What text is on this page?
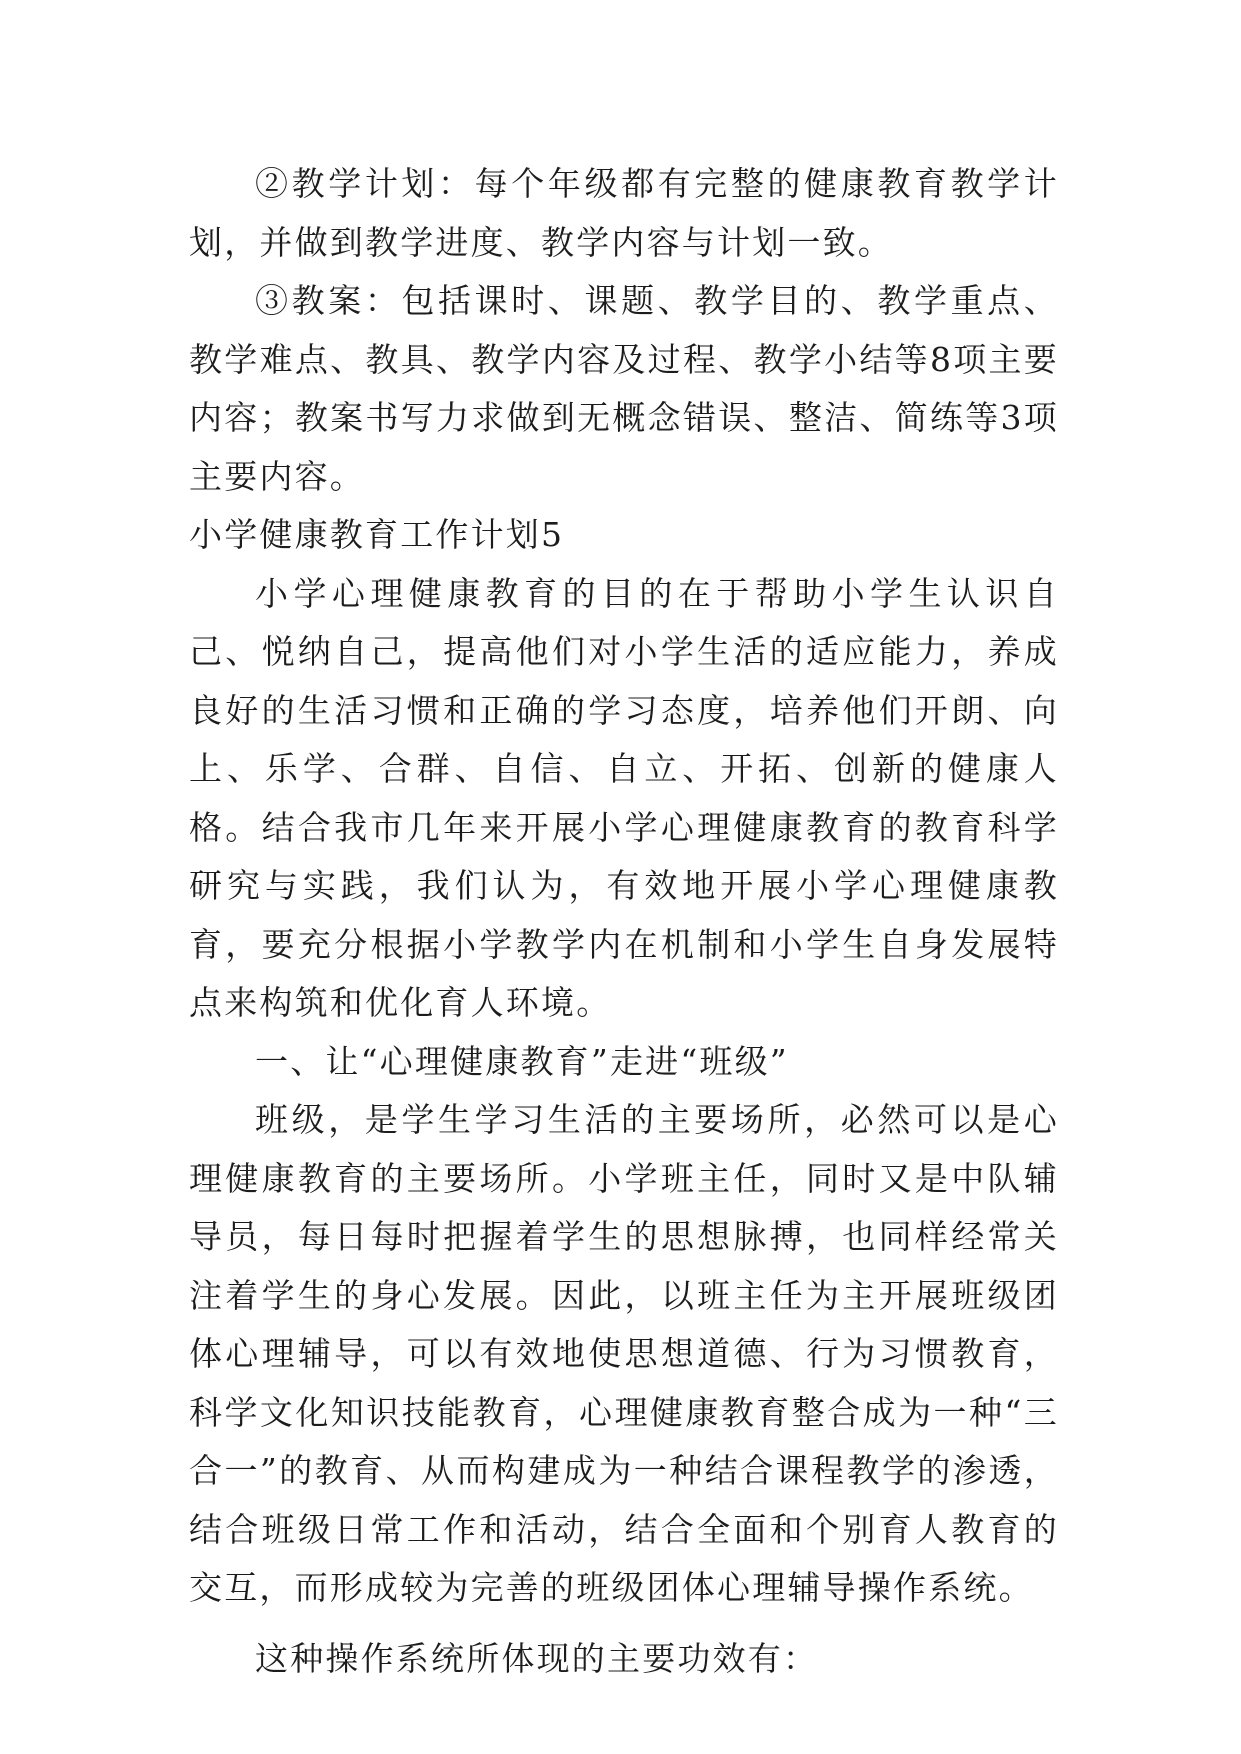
②教学计划：每个年级都有完整的健康教育教学计划，并做到教学进度、教学内容与计划一致。

③教案：包括课时、课题、教学目的、教学重点、教学难点、教具、教学内容及过程、教学小结等8项主要内容；教案书写力求做到无概念错误、整洁、简练等3项主要内容。

小学健康教育工作计划5

小学心理健康教育的目的在于帮助小学生认识自己、悦纳自己，提高他们对小学生活的适应能力，养成良好的生活习惯和正确的学习态度，培养他们开朗、向上、乐学、合群、自信、自立、开拓、创新的健康人格。结合我市几年来开展小学心理健康教育的教育科学研究与实践，我们认为，有效地开展小学心理健康教育，要充分根据小学教学内在机制和小学生自身发展特点来构筑和优化育人环境。

一、让“心理健康教育”走进“班级”

班级，是学生学习生活的主要场所，必然可以是心理健康教育的主要场所。小学班主任，同时又是中队辅导员，每日每时把握着学生的思想脉搏，也同样经常关注着学生的身心发展。因此，以班主任为主开展班级团体心理辅导，可以有效地使思想道德、行为习惯教育，科学文化知识技能教育，心理健康教育整合成为一种“三合一”的教育、从而构建成为一种结合课程教学的渗透，结合班级日常工作和活动，结合全面和个别育人教育的交互，而形成较为完善的班级团体心理辅导操作系统。

这种操作系统所体现的主要功效有：
